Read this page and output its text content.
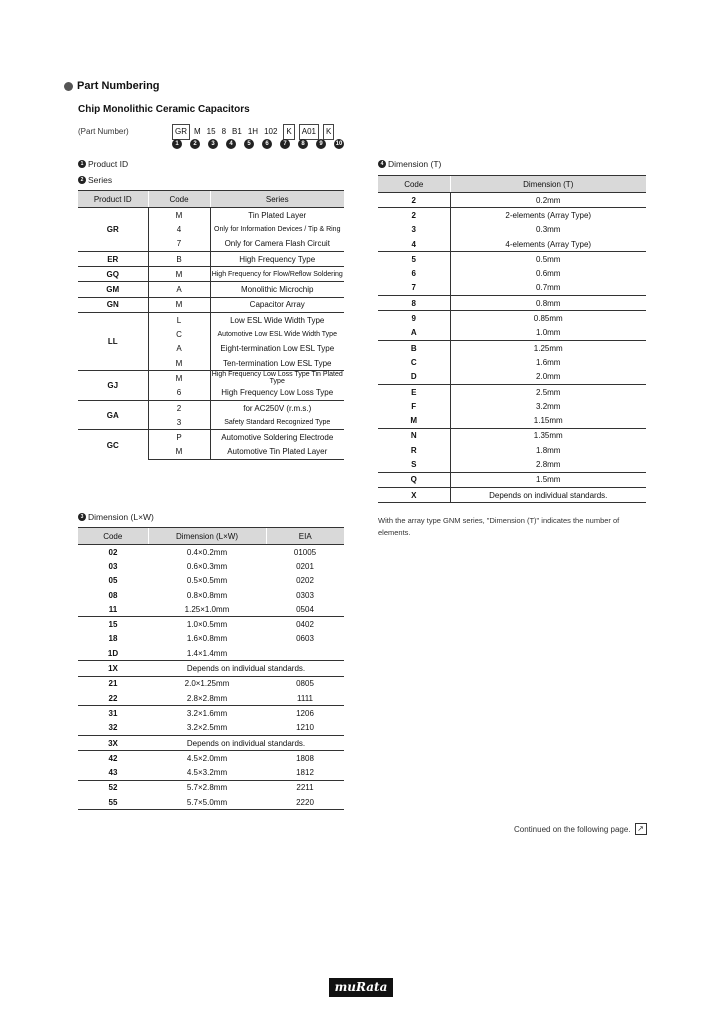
Part Numbering
Chip Monolithic Ceramic Capacitors
(Part Number)	GR M 15 8 B1 1H 102	K	A01	K
1	2	3	4	5	6	7	8	9	10
1 Product ID
2 Series
Product ID	Code	Series
GR	M	Tin Plated Layer
	4	Only for Information Devices / Tip & Ring
	7	Only for Camera Flash Circuit
ER	B	High Frequency Type
GQ	M	High Frequency for Flow/Reflow Soldering
GM	A	Monolithic Microchip
GN	M	Capacitor Array
LL	L	Low ESL Wide Width Type
	C	Automotive Low ESL Wide Width Type
	A	Eight-termination Low ESL Type
	M	Ten-termination Low ESL Type
GJ	M	High Frequency Low Loss Type Tin Plated Type
	6	High Frequency Low Loss Type
GA	2	for AC250V (r.m.s.)
	3	Safety Standard Recognized Type
GC	P	Automotive Soldering Electrode
	M	Automotive Tin Plated Layer
3 Dimension (L×W)
Code	Dimension (L×W)	EIA
02	0.4×0.2mm	01005
03	0.6×0.3mm	0201
05	0.5×0.5mm	0202
08	0.8×0.8mm	0303
11	1.25×1.0mm	0504
15	1.0×0.5mm	0402
18	1.6×0.8mm	0603
1D	1.4×1.4mm	
1X	Depends on individual standards.	
21	2.0×1.25mm	0805
22	2.8×2.8mm	1111
31	3.2×1.6mm	1206
32	3.2×2.5mm	1210
3X	Depends on individual standards.	
42	4.5×2.0mm	1808
43	4.5×3.2mm	1812
52	5.7×2.8mm	2211
55	5.7×5.0mm	2220
4 Dimension (T)
Code	Dimension (T)
2	0.2mm
2	2-elements (Array Type)
3	0.3mm
4	4-elements (Array Type)
5	0.5mm
6	0.6mm
7	0.7mm
8	0.8mm
9	0.85mm
A	1.0mm
B	1.25mm
C	1.6mm
D	2.0mm
E	2.5mm
F	3.2mm
M	1.15mm
N	1.35mm
R	1.8mm
S	2.8mm
Q	1.5mm
X	Depends on individual standards.
With the array type GNM series, "Dimension (T)" indicates the number of elements.
Continued on the following page. ↗
muRata
